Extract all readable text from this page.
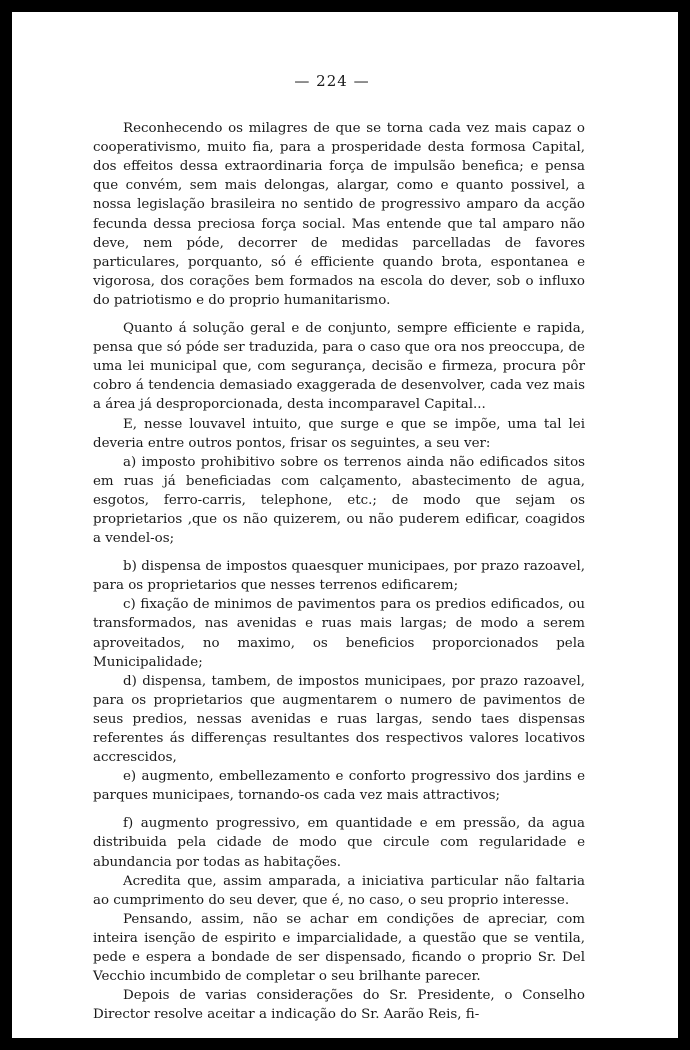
— 224 —

Reconhecendo os milagres de que se torna cada vez mais capaz o cooperativismo, muito fia, para a prosperidade desta formosa Capital, dos effeitos dessa extraordinaria força de impulsão benefica; e pensa que convém, sem mais delongas, alargar, como e quanto possivel, a nossa legislação brasileira no sentido de progressivo amparo da acção fecunda dessa preciosa força social. Mas entende que tal amparo não deve, nem póde, decorrer de medidas parcelladas de favores particulares, porquanto, só é efficiente quando brota, espontanea e vigorosa, dos corações bem formados na escola do dever, sob o influxo do patriotismo e do proprio humanitarismo.

Quanto á solução geral e de conjunto, sempre efficiente e rapida, pensa que só póde ser traduzida, para o caso que ora nos preoccupa, de uma lei municipal que, com segurança, decisão e firmeza, procura pôr cobro á tendencia demasiado exaggerada de desenvolver, cada vez mais a área já desproporcionada, desta incomparavel Capital...

E, nesse louvavel intuito, que surge e que se impõe, uma tal lei deveria entre outros pontos, frisar os seguintes, a seu ver:

a) imposto prohibitivo sobre os terrenos ainda não edificados sitos em ruas já beneficiadas com calçamento, abastecimento de agua, esgotos, ferro-carris, telephone, etc.; de modo que sejam os proprietarios ,que os não quizerem, ou não puderem edificar, coagidos a vendel-os;

b) dispensa de impostos quaesquer municipaes, por prazo razoavel, para os proprietarios que nesses terrenos edificarem;

c) fixação de minimos de pavimentos para os predios edificados, ou transformados, nas avenidas e ruas mais largas; de modo a serem aproveitados, no maximo, os beneficios proporcionados pela Municipalidade;

d) dispensa, tambem, de impostos municipaes, por prazo razoavel, para os proprietarios que augmentarem o numero de pavimentos de seus predios, nessas avenidas e ruas largas, sendo taes dispensas referentes ás differenças resultantes dos respectivos valores locativos accrescidos,

e) augmento, embellezamento e conforto progressivo dos jardins e parques municipaes, tornando-os cada vez mais attractivos;

f) augmento progressivo, em quantidade e em pressão, da agua distribuida pela cidade de modo que circule com regularidade e abundancia por todas as habitações.

Acredita que, assim amparada, a iniciativa particular não faltaria ao cumprimento do seu dever, que é, no caso, o seu proprio interesse.

Pensando, assim, não se achar em condições de apreciar, com inteira isenção de espirito e imparcialidade, a questão que se ventila, pede e espera a bondade de ser dispensado, ficando o proprio Sr. Del Vecchio incumbido de completar o seu brilhante parecer.

Depois de varias considerações do Sr. Presidente, o Conselho Director resolve aceitar a indicação do Sr. Aarão Reis, fi-
